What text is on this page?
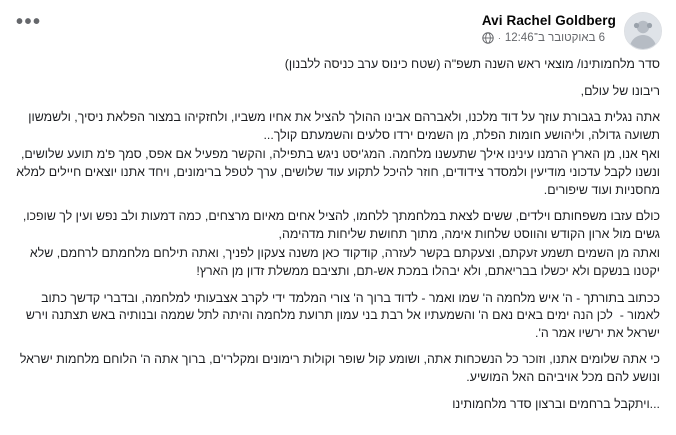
Avi Rachel Goldberg
6 באוקטובר ב־12:46
·
•••

סדר מלחמותינו/ מוצאי ראש השנה תשפ"ה (שטח כינוס ערב כניסה ללבנון)

ריבונו של עולם,

אתה נגלית בגבורת עוזך על דוד מלכנו, ולאברהם אבינו ההולך להציל את אחיו משביו, ולחזקיהו במצור הפלאת ניסיך, ולשמשון תשועה גדולה, וליהושע חומות הפלת, מן השמים ירדו סלעים והשמעתם קולך...

ואף אנו, מן הארץ הרמנו עינינו אילך שתעשנו מלחמה. המג'יסט ניגש בתפילה, והקשר מפעיל אם אפס, סמך פ'מ תועע שלושים, ונשנו לקבל עדכוני מודיעין ולמסדר צידודים, חוזר להיכל לתקוע עוד שלושים, ערך לטפל ברימונים, ויחד אתנו יוצאים חיילים למלא מחסניות ועוד שיפורים.

כולם עזבו משפחותם וילדים, ששים לצאת במלחמתך ללחמו, להציל אחים מאיום מרצחים, כמה דמעות ולב נפש ועין לך שופכו, גשים מול ארון הקודש והווסט שלחות אימה, מתוך תחושת שליחות מדהימה,

ואתה מן השמים תשמע זעקתם, וצעקתם בקשר לעזרה, קודקוד כאן משנה צעקון לפניך, ואתה תילחם מלחמתם לרחמם, שלא יקטנו בנשקם ולא יכשלו בבריאתם, ולא יבהלו במכת אש-תם, ותציבם ממשלת זדון מן הארץ!

ככתוב בתורתך - ה' איש מלחמה ה' שמו ואמר - לדוד ברוך ה' צורי המלמד ידי לקרב אצבעותי למלחמה, ובדברי קדשך כתוב לאמור -  לכן הנה ימים באים נאם ה' והשמעתיו אל רבת בני עמון תרועת מלחמה והיתה לתל שממה ובנותיה באש תצתנה וירש ישראל את ירשיו אמר ה'.

כי אתה שלומים אתנו, וזוכר כל הנשכחות אתה, ושומע קול שופר וקולות רימונים ומקלרי'ם, ברוך אתה ה' הלוחם מלחמות ישראל ונושע להם מכל אויביהם האל המושיע.

...ויתקבל ברחמים וברצון סדר מלחמותינו
